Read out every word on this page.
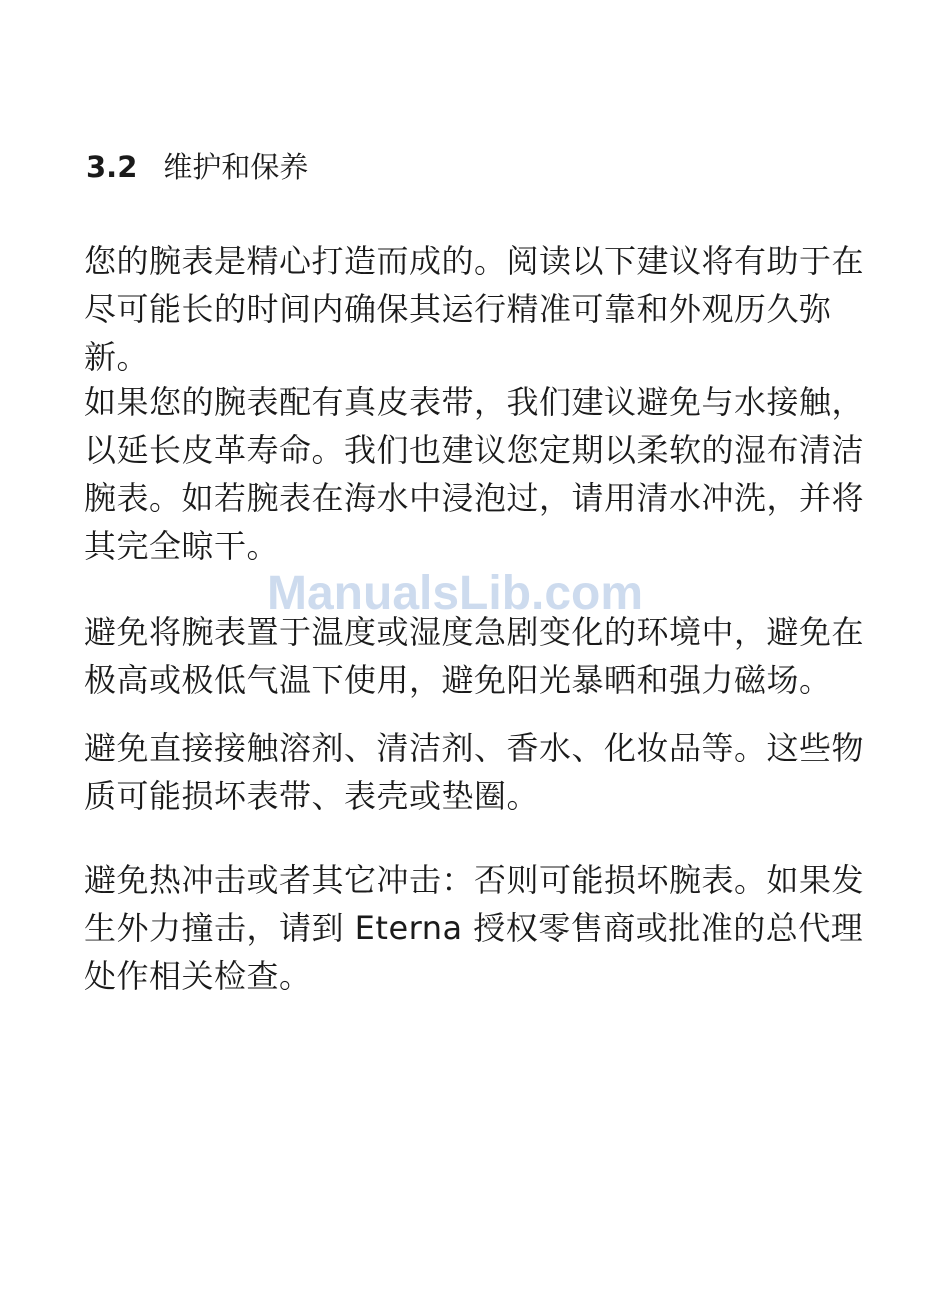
3.2 维护和保养

您的腕表是精心打造而成的。阅读以下建议将有助于在尽可能长的时间内确保其运行精准可靠和外观历久弥新。

如果您的腕表配有真皮表带，我们建议避免与水接触，以延长皮革寿命。我们也建议您定期以柔软的湿布清洁腕表。如若腕表在海水中浸泡过，请用清水冲洗，并将其完全晾干。

ManualsLib.com

避免将腕表置于温度或湿度急剧变化的环境中，避免在极高或极低气温下使用，避免阳光暴晒和强力磁场。

避免直接接触溶剂、清洁剂、香水、化妆品等。这些物质可能损坏表带、表壳或垫圈。

避免热冲击或者其它冲击：否则可能损坏腕表。如果发生外力撞击，请到 Eterna 授权零售商或批准的总代理处作相关检查。
